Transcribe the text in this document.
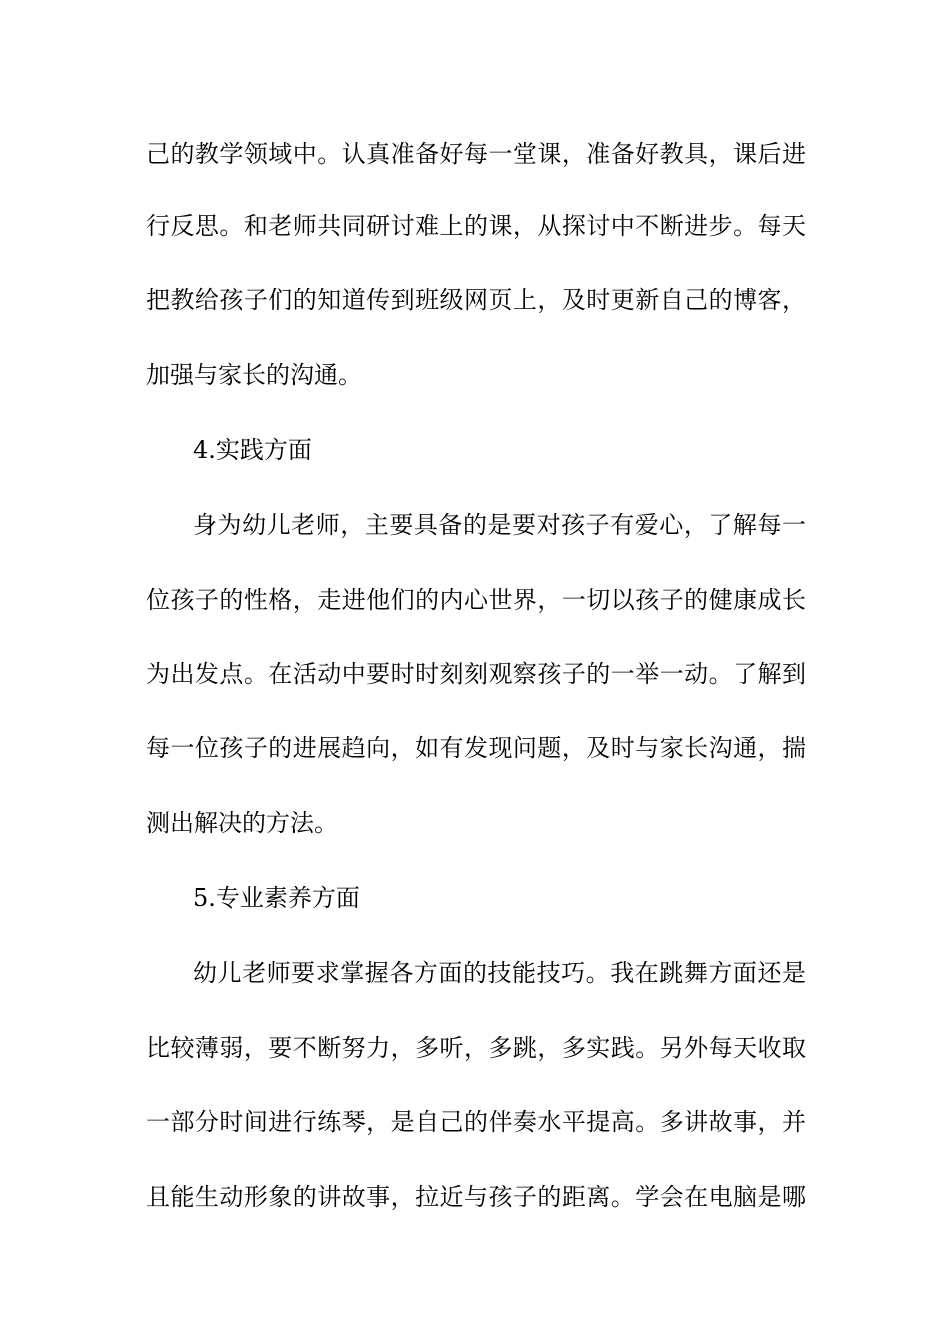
己的教学领域中。认真准备好每一堂课，准备好教具，课后进
行反思。和老师共同研讨难上的课，从探讨中不断进步。每天
把教给孩子们的知道传到班级网页上，及时更新自己的博客，
加强与家长的沟通。
4.实践方面
身为幼儿老师，主要具备的是要对孩子有爱心，了解每一
位孩子的性格，走进他们的内心世界，一切以孩子的健康成长
为出发点。在活动中要时时刻刻观察孩子的一举一动。了解到
每一位孩子的进展趋向，如有发现问题，及时与家长沟通，揣
测出解决的方法。
5.专业素养方面
幼儿老师要求掌握各方面的技能技巧。我在跳舞方面还是
比较薄弱，要不断努力，多听，多跳，多实践。另外每天收取
一部分时间进行练琴，是自己的伴奏水平提高。多讲故事，并
且能生动形象的讲故事，拉近与孩子的距离。学会在电脑是哪
